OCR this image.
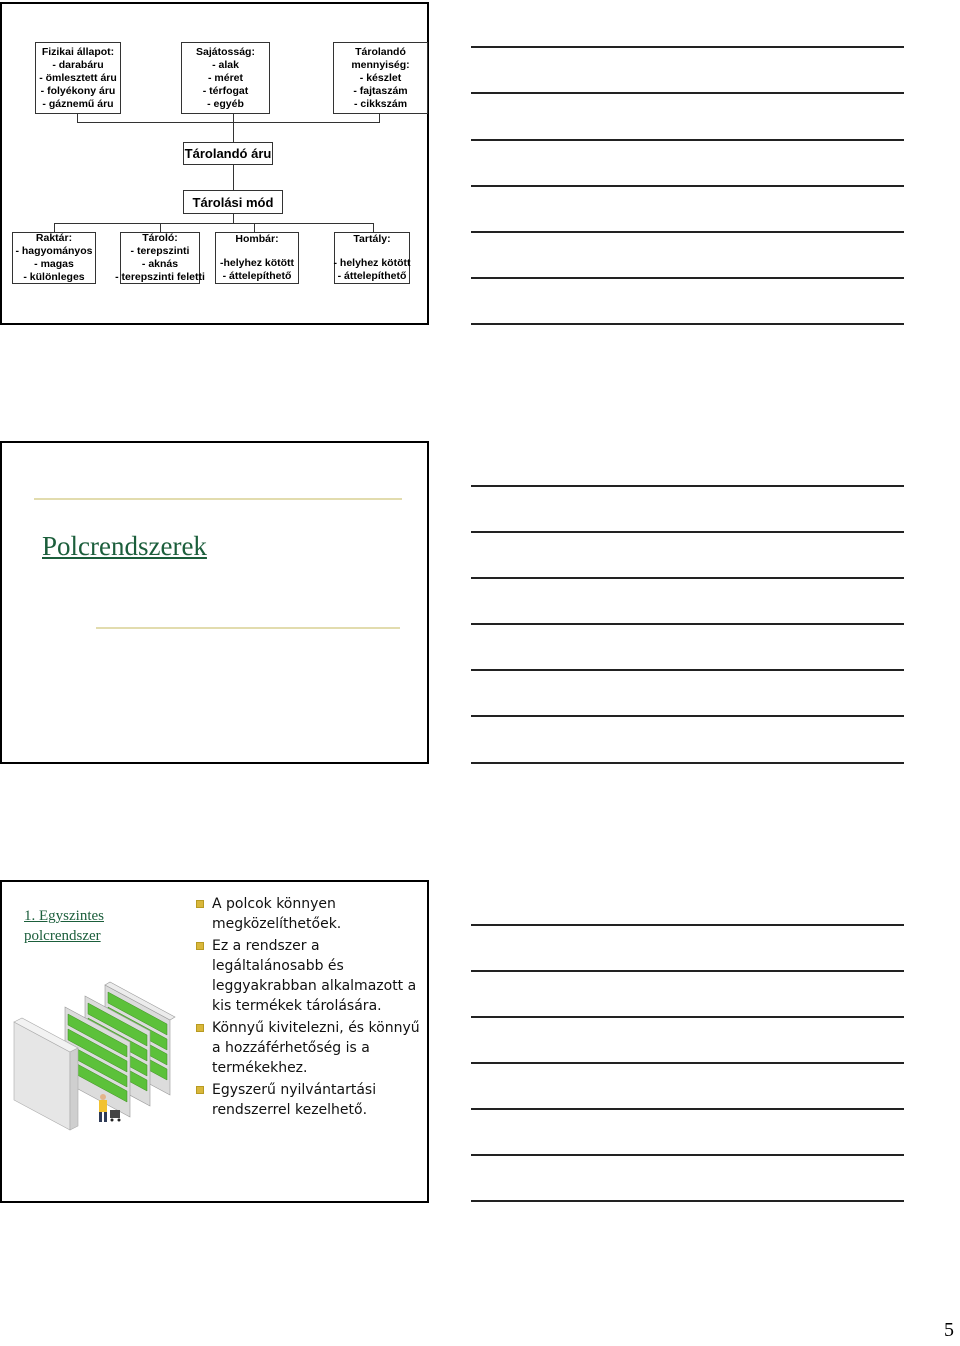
Fizikai állapot:
- darabáru
- ömlesztett áru
- folyékony áru
- gáznemű áru
Sajátosság:
- alak
- méret
- térfogat
- egyéb
Tárolandó
mennyiség:
- készlet
- fajtaszám
- cikkszám
Tárolandó áru
Tárolási mód
Raktár:
- hagyományos
- magas
- különleges
Tároló:
- terepszinti
- aknás
- terepszinti feletti
Hombár:
-helyhez kötött
- áttelepíthető
Tartály:
- helyhez kötött
- áttelepíthető
Polcrendszerek
1. Egyszintes polcrendszer
A polcok könnyen megközelíthetőek.
Ez a rendszer a legáltalánosabb és leggyakrabban alkalmazott a kis termékek tárolására.
Könnyű kivitelezni, és könnyű a hozzáférhetőség is a termékekhez.
Egyszerű nyilvántartási rendszerrel kezelhető.
5
